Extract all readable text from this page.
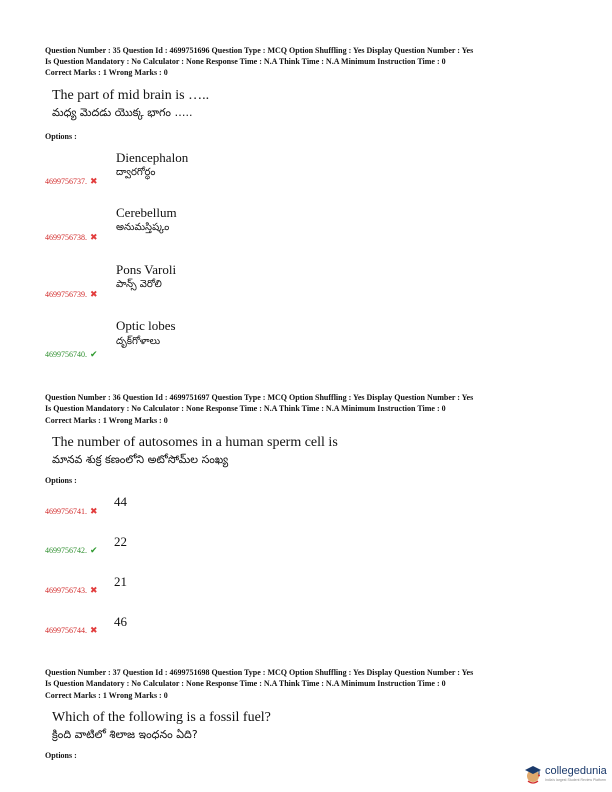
Question Number : 35 Question Id : 4699751696 Question Type : MCQ Option Shuffling : Yes Display Question Number : Yes
Is Question Mandatory : No Calculator : None Response Time : N.A Think Time : N.A Minimum Instruction Time : 0
Correct Marks : 1 Wrong Marks : 0
The part of mid brain is …..
మధ్య మెదడు యొక్క భాగం …..
Options :
Diencephalon
ద్వారగోర్ధం
4699756737. ✖
Cerebellum
అనుమస్తిష్కం
4699756738. ✖
Pons Varoli
పాన్స్ వెరోలి
4699756739. ✖
Optic lobes
దృక్‌గోళాలు
4699756740. ✔
Question Number : 36 Question Id : 4699751697 Question Type : MCQ Option Shuffling : Yes Display Question Number : Yes
Is Question Mandatory : No Calculator : None Response Time : N.A Think Time : N.A Minimum Instruction Time : 0
Correct Marks : 1 Wrong Marks : 0
The number of autosomes in a human sperm cell is
మానవ శుక్ర కణంలోని అటోసోమ్‌ల సంఖ్య
Options :
44
4699756741. ✖
22
4699756742. ✔
21
4699756743. ✖
46
4699756744. ✖
Question Number : 37 Question Id : 4699751698 Question Type : MCQ Option Shuffling : Yes Display Question Number : Yes
Is Question Mandatory : No Calculator : None Response Time : N.A Think Time : N.A Minimum Instruction Time : 0
Correct Marks : 1 Wrong Marks : 0
Which of the following is a fossil fuel?
క్రింది వాటిలో శిలాజ ఇంధనం ఏది?
Options :
collegedunia
India's largest Student Review Platform
